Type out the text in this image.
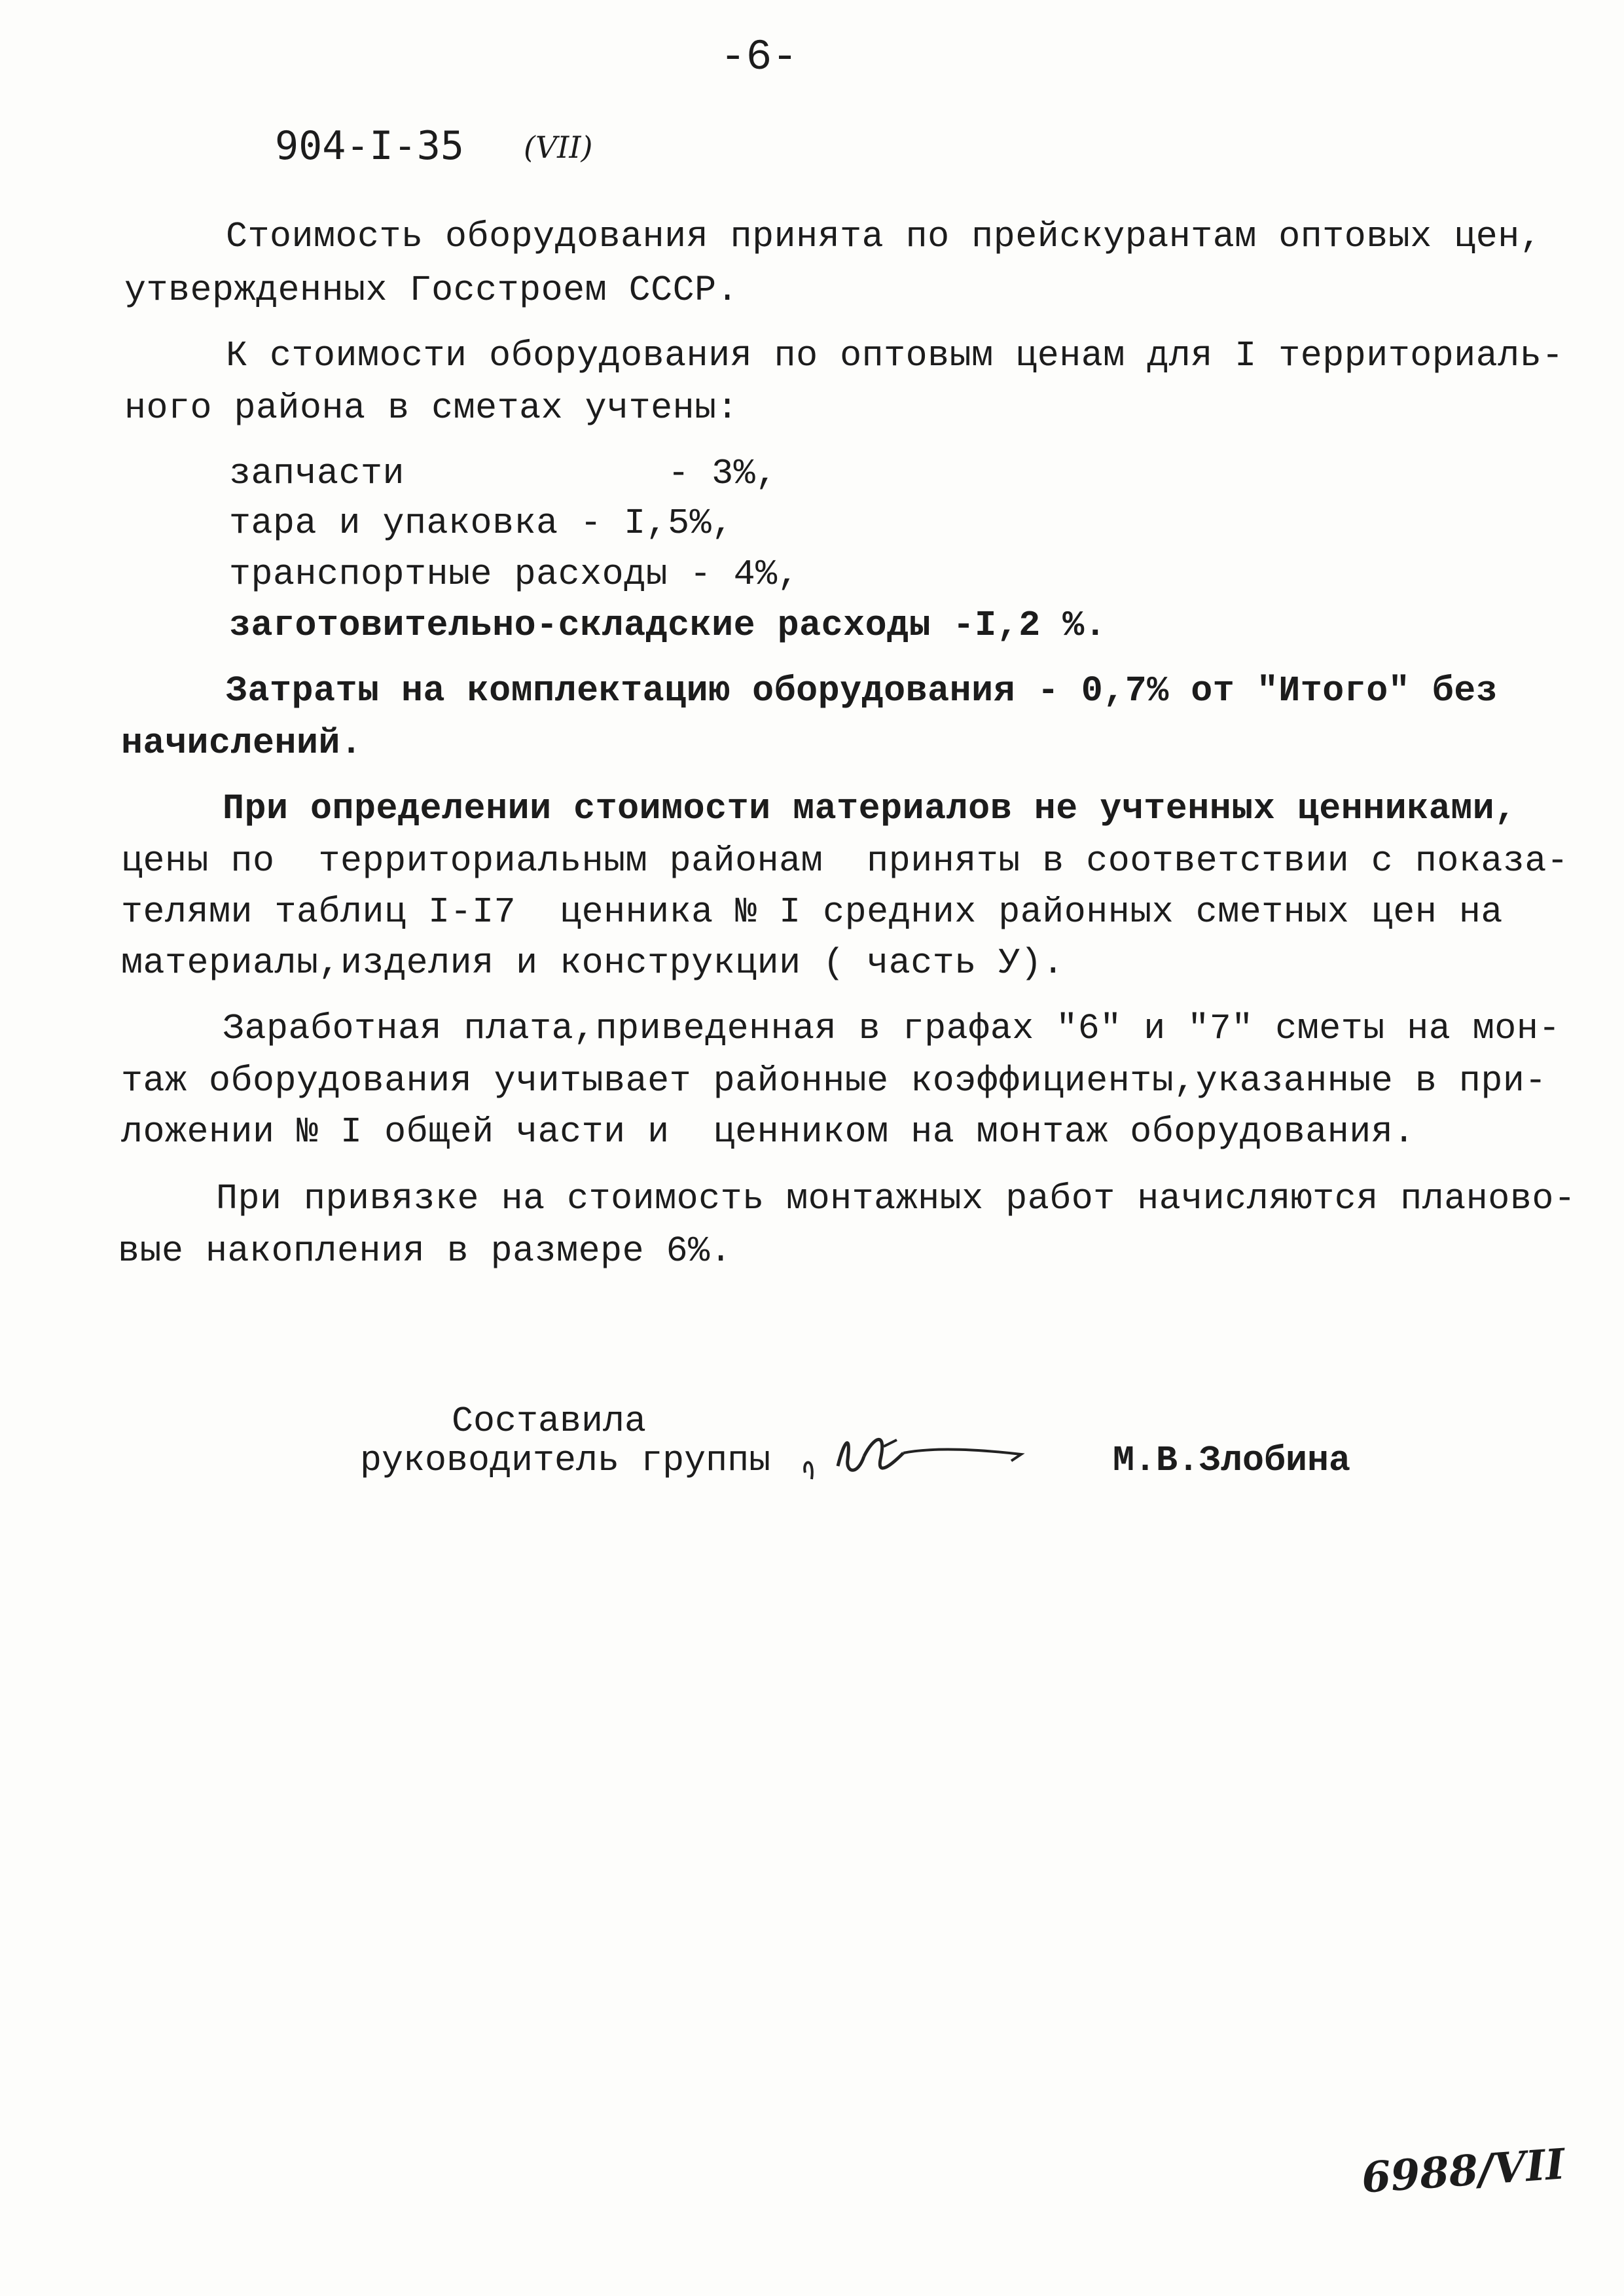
-6-
904-I-35 (VII)
Стоимость оборудования принята по прейскурантам оптовых цен,
утвержденных Госстроем СССР.
К стоимости оборудования по оптовым ценам для I территориаль-
ного района в сметах учтены:
запчасти            - 3%,
тара и упаковка - I,5%,
транспортные расходы - 4%,
заготовительно-складские расходы -I,2 %.
Затраты на комплектацию оборудования - 0,7% от "Итого" без
начислений.
При определении стоимости материалов не учтенных ценниками,
цены по  территориальным районам  приняты в соответствии с показа-
телями таблиц I-I7  ценника № I средних районных сметных цен на
материалы,изделия и конструкции ( часть У).
Заработная плата,приведенная в графах "6" и "7" сметы на мон-
таж оборудования учитывает районные коэффициенты,указанные в при-
ложении № I общей части и  ценником на монтаж оборудования.
При привязке на стоимость монтажных работ начисляются планово-
вые накопления в размере 6%.
Составила
руководитель группы	М.В.Злобина
6988/VII
